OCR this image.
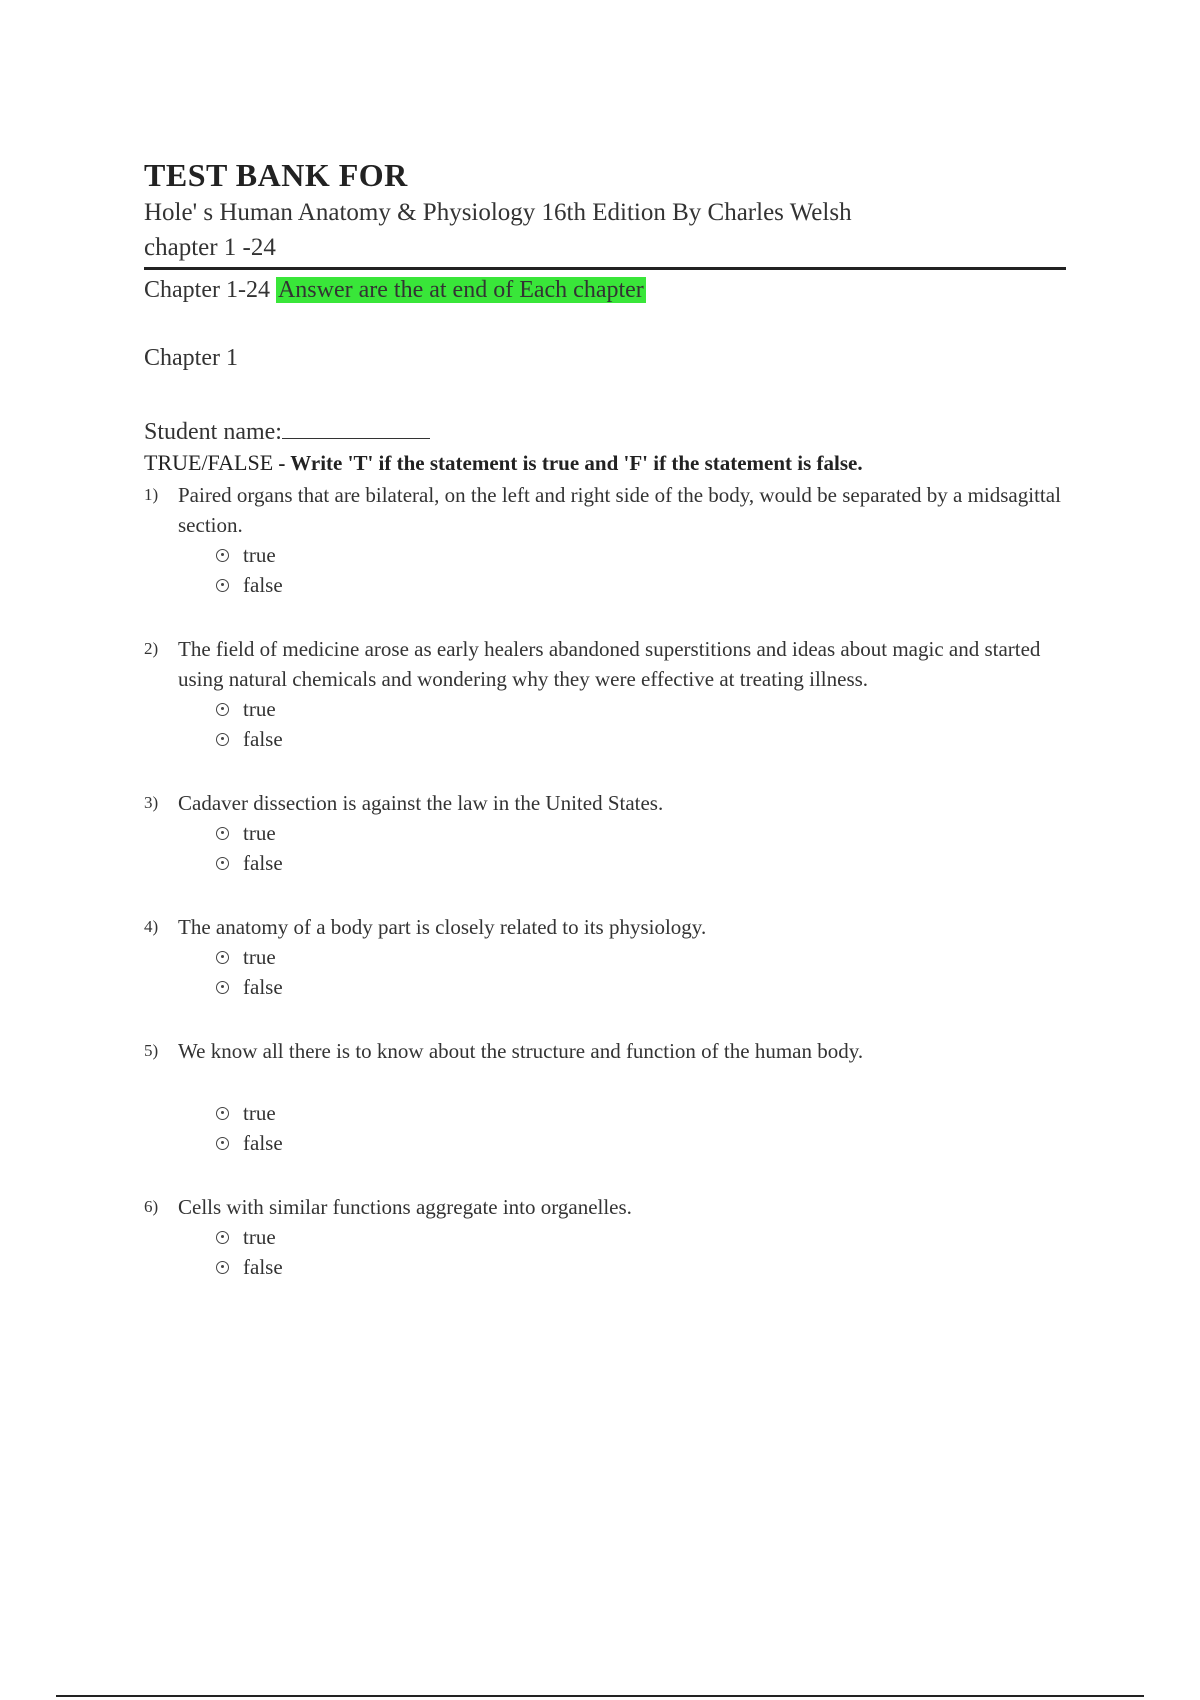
TEST BANK FOR
Hole' s Human Anatomy & Physiology 16th Edition By Charles Welsh
chapter 1 -24
Chapter 1-24 Answer are the at end of Each chapter
Chapter 1
Student name:
TRUE/FALSE - Write 'T' if the statement is true and 'F' if the statement is false.
1) Paired organs that are bilateral, on the left and right side of the body, would be separated by a midsagittal section.
true
false
2) The field of medicine arose as early healers abandoned superstitions and ideas about magic and started using natural chemicals and wondering why they were effective at treating illness.
true
false
3) Cadaver dissection is against the law in the United States.
true
false
4) The anatomy of a body part is closely related to its physiology.
true
false
5) We know all there is to know about the structure and function of the human body.
true
false
6) Cells with similar functions aggregate into organelles.
true
false
